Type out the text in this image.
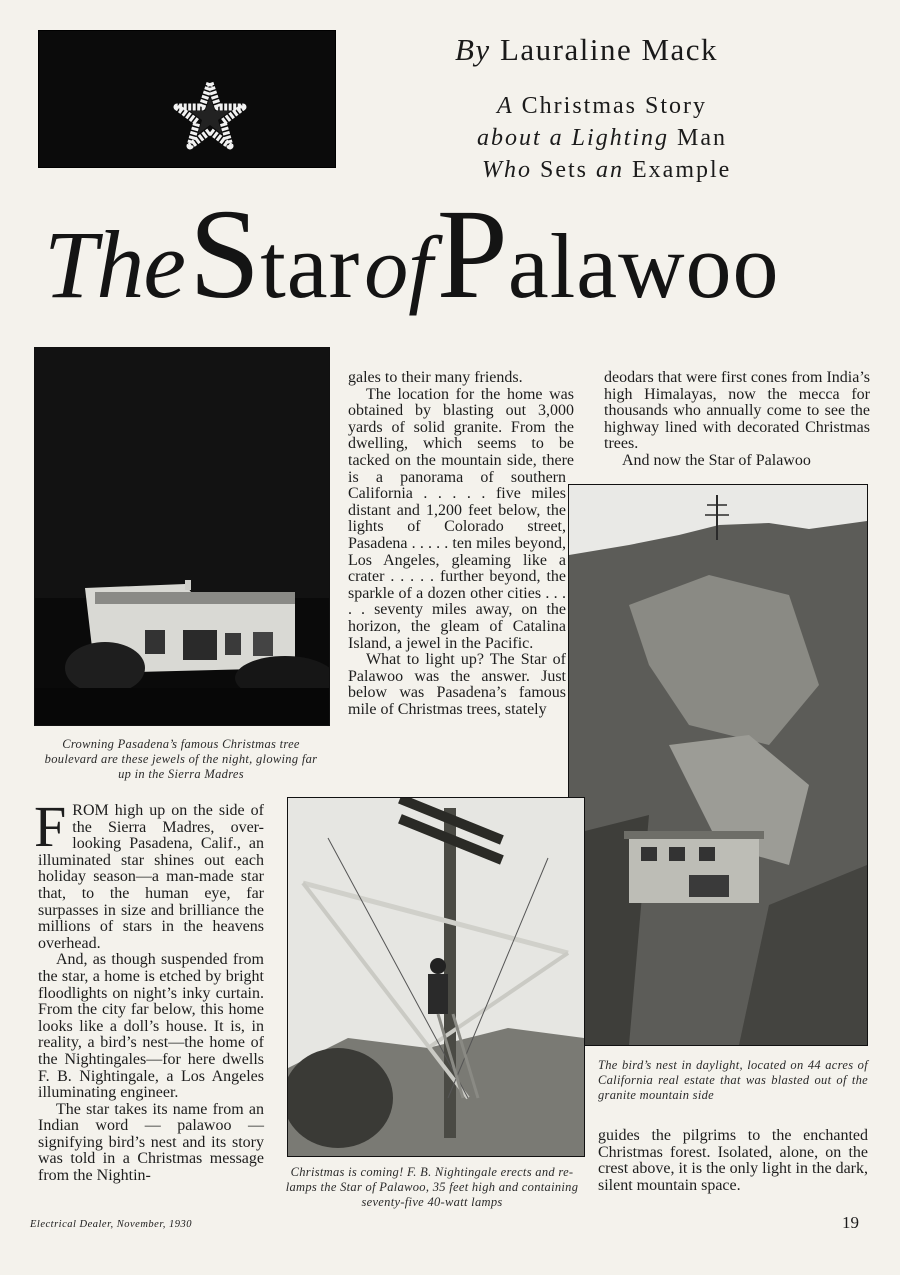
By Lauraline Mack
A Christmas Story
about a Lighting Man
Who Sets an Example
The Star of Palawoo
Crowning Pasadena’s famous Christmas tree boulevard are these jewels of the night, glowing far up in the Sierra Madres
The bird’s nest in daylight, located on 44 acres of California real estate that was blasted out of the granite mountain side
Christmas is coming! F. B. Nightingale erects and re-lamps the Star of Palawoo, 35 feet high and containing seventy-five 40-watt lamps

gales to their many friends.

The location for the home was obtained by blasting out 3,000 yards of solid granite. From the dwelling, which seems to be tacked on the mountain side, there is a panorama of southern California . . . . . five miles distant and 1,200 feet below, the lights of Colorado street, Pasadena . . . . . ten miles beyond, Los Angeles, gleaming like a crater . . . . . further beyond, the sparkle of a dozen other cities . . . . . seventy miles away, on the horizon, the gleam of Catalina Island, a jewel in the Pacific.

What to light up? The Star of Palawoo was the answer. Just below was Pasadena’s famous mile of Christmas trees, stately

deodars that were first cones from India’s high Himalayas, now the mecca for thousands who annually come to see the highway lined with decorated Christmas trees.

And now the Star of Palawoo

FROM high up on the side of the Sierra Madres, over-looking Pasadena, Calif., an illuminated star shines out each holiday season—a man-made star that, to the human eye, far surpasses in size and brilliance the millions of stars in the heavens overhead.

And, as though suspended from the star, a home is etched by bright floodlights on night’s inky curtain. From the city far below, this home looks like a doll’s house. It is, in reality, a bird’s nest—the home of the Nightingales—for here dwells F. B. Nightingale, a Los Angeles illuminating engineer.

The star takes its name from an Indian word — palawoo — signifying bird’s nest and its story was told in a Christmas message from the Nightin-

guides the pilgrims to the enchanted Christmas forest. Isolated, alone, on the crest above, it is the only light in the dark, silent mountain space.

Electrical Dealer, November, 1930	19
